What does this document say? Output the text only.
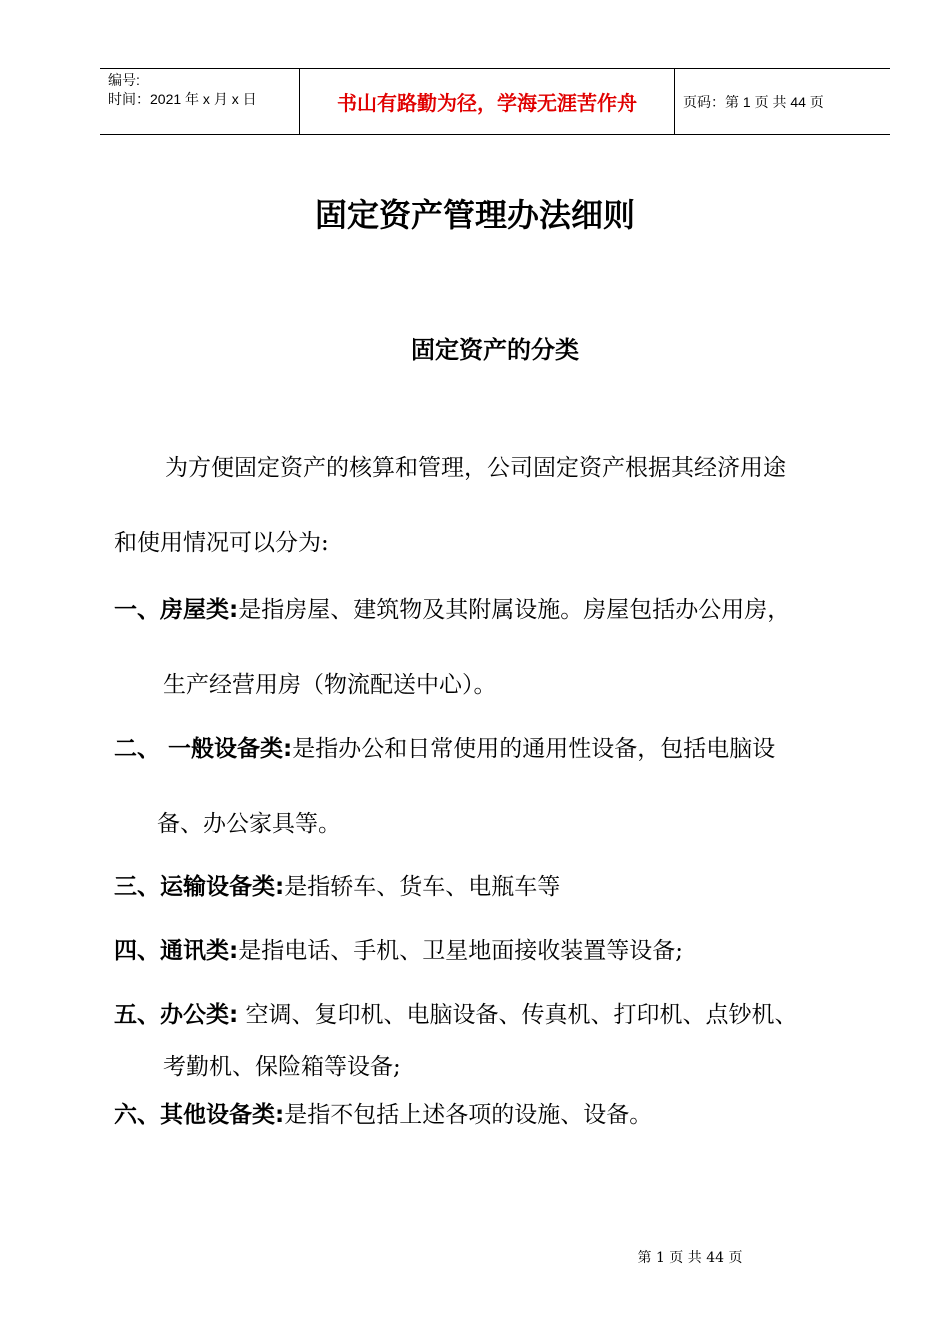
编号:
时间：2021 年 x 月 x 日	书山有路勤为径，学海无涯苦作舟	页码：第 1 页 共 44 页
固定资产管理办法细则
固定资产的分类
为方便固定资产的核算和管理，公司固定资产根据其经济用途
和使用情况可以分为:
一、房屋类:是指房屋、建筑物及其附属设施。房屋包括办公用房，
生产经营用房（物流配送中心）。
二、 一般设备类:是指办公和日常使用的通用性设备，包括电脑设
备、办公家具等。
三、运输设备类:是指轿车、货车、电瓶车等
四、通讯类:是指电话、手机、卫星地面接收装置等设备;
五、办公类: 空调、复印机、电脑设备、传真机、打印机、点钞机、
考勤机、保险箱等设备;
六、其他设备类:是指不包括上述各项的设施、设备。
第 1 页 共 44 页
